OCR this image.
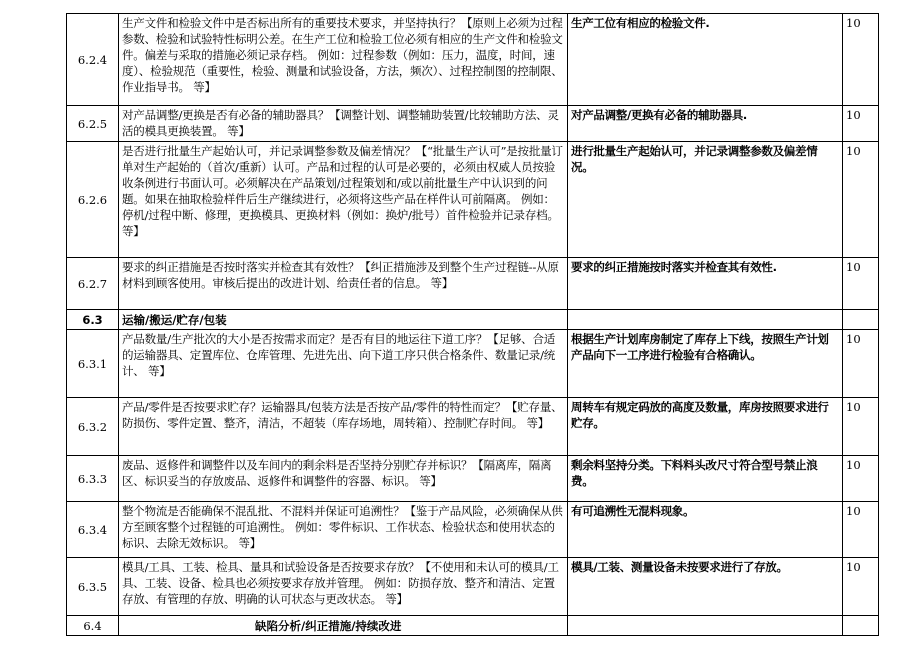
6.2.4	生产文件和检验文件中是否标出所有的重要技术要求，并坚持执行？【原则上必须为过程参数、检验和试验特性标明公差。在生产工位和检验工位必须有相应的生产文件和检验文件。偏差与采取的措施必须记录存档。 例如：过程参数（例如：压力，温度，时间，速度）、检验规范（重要性，检验、测量和试验设备，方法，频次）、过程控制图的控制限、作业指导书。 等】	生产工位有相应的检验文件.	10
6.2.5	对产品调整/更换是否有必备的辅助器具？【调整计划、调整辅助装置/比较辅助方法、灵活的模具更换装置。 等】	对产品调整/更换有必备的辅助器具.	10
6.2.6	是否进行批量生产起始认可，并记录调整参数及偏差情况？【“批量生产认可”是按批量订单对生产起始的（首次/重新）认可。产品和过程的认可是必要的，必须由权威人员按验收条例进行书面认可。必须解决在产品策划/过程策划和/或以前批量生产中认识到的问题。如果在抽取检验样件后生产继续进行，必须将这些产品在样件认可前隔离。 例如：停机/过程中断、修理，更换模具、更换材料（例如：换炉/批号）首件检验并记录存档。 等】	进行批量生产起始认可，并记录调整参数及偏差情况。	10
6.2.7	要求的纠正措施是否按时落实并检查其有效性？【纠正措施涉及到整个生产过程链--从原材料到顾客使用。审核后提出的改进计划、给责任者的信息。 等】	要求的纠正措施按时落实并检查其有效性.	10
6.3	运输/搬运/贮存/包装		
6.3.1	产品数量/生产批次的大小是否按需求而定？是否有目的地运往下道工序？【足够、合适的运输器具、定置库位、仓库管理、先进先出、向下道工序只供合格条件、数量记录/统计、 等】	根据生产计划库房制定了库存上下线，按照生产计划产品向下一工序进行检验有合格确认。	10
6.3.2	产品/零件是否按要求贮存？运输器具/包装方法是否按产品/零件的特性而定？【贮存量、防损伤、零件定置、整齐，清洁，不超装（库存场地，周转箱）、控制贮存时间。 等】	周转车有规定码放的高度及数量，库房按照要求进行贮存。	10
6.3.3	废品、返修件和调整件以及车间内的剩余料是否坚持分别贮存并标识？【隔离库，隔离区、标识妥当的存放废品、返修件和调整件的容器、标识。 等】	剩余料坚持分类。下料料头改尺寸符合型号禁止浪费。	10
6.3.4	整个物流是否能确保不混乱批、不混料并保证可追溯性？【鉴于产品风险，必须确保从供方至顾客整个过程链的可追溯性。 例如：零件标识、工作状态、检验状态和使用状态的标识、去除无效标识。 等】	有可追溯性无混料现象。	10
6.3.5	模具/工具、工装、检具、量具和试验设备是否按要求存放？【不使用和未认可的模具/工具、工装、设备、检具也必须按要求存放并管理。 例如：防损存放、整齐和清洁、定置存放、有管理的存放、明确的认可状态与更改状态。 等】	模具/工装、测量设备未按要求进行了存放。	10
6.4	缺陷分析/纠正措施/持续改进		
